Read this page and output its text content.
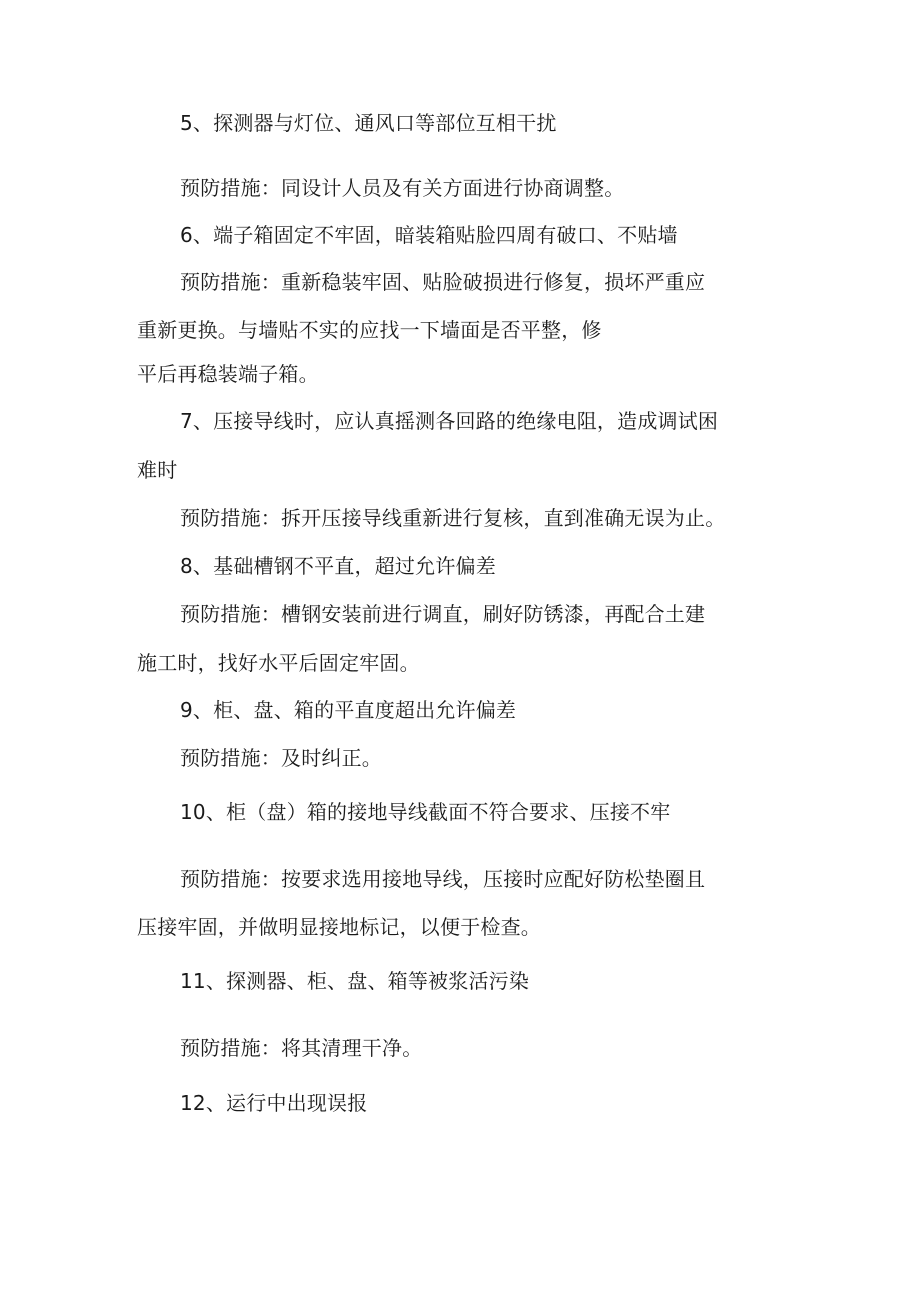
5、探测器与灯位、通风口等部位互相干扰
预防措施：同设计人员及有关方面进行协商调整。
6、端子箱固定不牢固，暗装箱贴脸四周有破口、不贴墙
预防措施：重新稳装牢固、贴脸破损进行修复，损坏严重应
重新更换。与墙贴不实的应找一下墙面是否平整，修
平后再稳装端子箱。
7、压接导线时，应认真摇测各回路的绝缘电阻，造成调试困
难时
预防措施：拆开压接导线重新进行复核，直到准确无误为止。
8、基础槽钢不平直，超过允许偏差
预防措施：槽钢安装前进行调直，刷好防锈漆，再配合土建
施工时，找好水平后固定牢固。
9、柜、盘、箱的平直度超出允许偏差
预防措施：及时纠正。
10、柜（盘）箱的接地导线截面不符合要求、压接不牢
预防措施：按要求选用接地导线，压接时应配好防松垫圈且
压接牢固，并做明显接地标记，以便于检查。
11、探测器、柜、盘、箱等被浆活污染
预防措施：将其清理干净。
12、运行中出现误报
